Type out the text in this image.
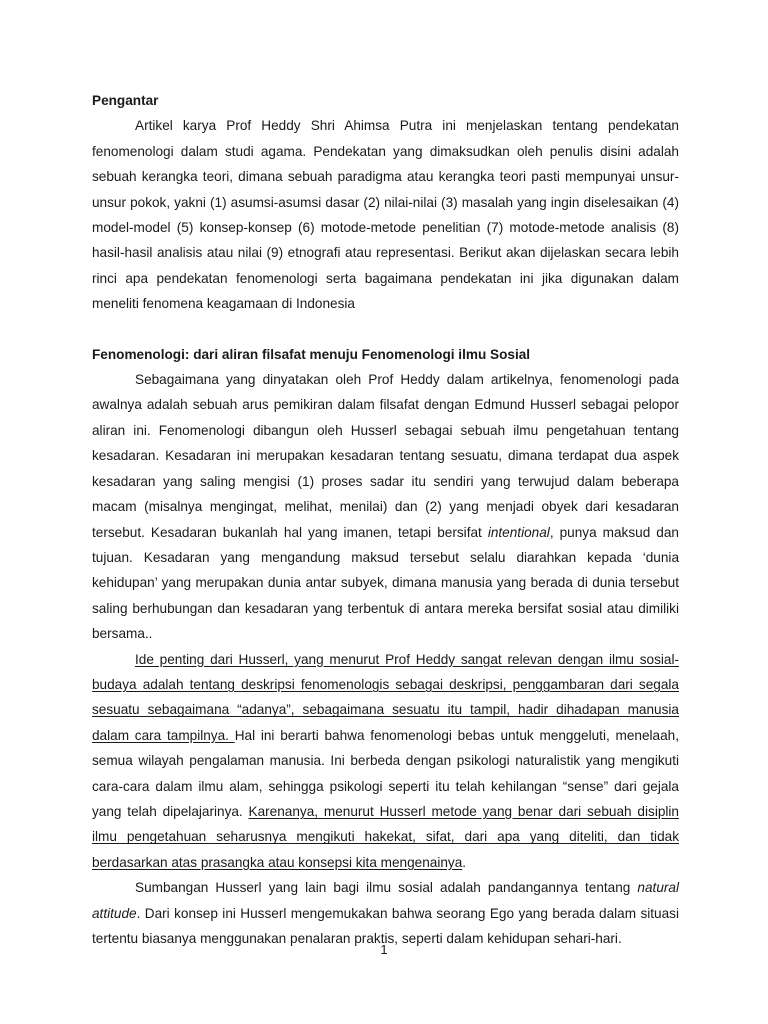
Pengantar

Artikel karya Prof Heddy Shri Ahimsa Putra ini menjelaskan tentang pendekatan fenomenologi dalam studi agama. Pendekatan yang dimaksudkan oleh penulis disini adalah sebuah kerangka teori, dimana sebuah paradigma atau kerangka teori pasti mempunyai unsur-unsur pokok, yakni (1) asumsi-asumsi dasar (2) nilai-nilai (3) masalah yang ingin diselesaikan (4) model-model (5) konsep-konsep (6) motode-metode penelitian (7) motode-metode analisis (8) hasil-hasil analisis atau nilai (9) etnografi atau representasi. Berikut akan dijelaskan secara lebih rinci apa pendekatan fenomenologi serta bagaimana pendekatan ini jika digunakan dalam meneliti fenomena keagamaan di Indonesia

Fenomenologi: dari aliran filsafat menuju Fenomenologi ilmu Sosial

Sebagaimana yang dinyatakan oleh Prof Heddy dalam artikelnya, fenomenologi pada awalnya adalah sebuah arus pemikiran dalam filsafat dengan Edmund Husserl sebagai pelopor aliran ini. Fenomenologi dibangun oleh Husserl sebagai sebuah ilmu pengetahuan tentang kesadaran. Kesadaran ini merupakan kesadaran tentang sesuatu, dimana terdapat dua aspek kesadaran yang saling mengisi (1) proses sadar itu sendiri yang terwujud dalam beberapa macam (misalnya mengingat, melihat, menilai) dan (2) yang menjadi obyek dari kesadaran tersebut. Kesadaran bukanlah hal yang imanen, tetapi bersifat intentional, punya maksud dan tujuan. Kesadaran yang mengandung maksud tersebut selalu diarahkan kepada ‘dunia kehidupan’ yang merupakan dunia antar subyek, dimana manusia yang berada di dunia tersebut saling berhubungan dan kesadaran yang terbentuk di antara mereka bersifat sosial atau dimiliki bersama..

Ide penting dari Husserl, yang menurut Prof Heddy sangat relevan dengan ilmu sosial-budaya adalah tentang deskripsi fenomenologis sebagai deskripsi, penggambaran dari segala sesuatu sebagaimana “adanya”, sebagaimana sesuatu itu tampil, hadir dihadapan manusia dalam cara tampilnya. Hal ini berarti bahwa fenomenologi bebas untuk menggeluti, menelaah, semua wilayah pengalaman manusia. Ini berbeda dengan psikologi naturalistik yang mengikuti cara-cara dalam ilmu alam, sehingga psikologi seperti itu telah kehilangan “sense” dari gejala yang telah dipelajarinya. Karenanya, menurut Husserl metode yang benar dari sebuah disiplin ilmu pengetahuan seharusnya mengikuti hakekat, sifat, dari apa yang diteliti, dan tidak berdasarkan atas prasangka atau konsepsi kita mengenainya.

Sumbangan Husserl yang lain bagi ilmu sosial adalah pandangannya tentang natural attitude. Dari konsep ini Husserl mengemukakan bahwa seorang Ego yang berada dalam situasi tertentu biasanya menggunakan penalaran praktis, seperti dalam kehidupan sehari-hari.

1
